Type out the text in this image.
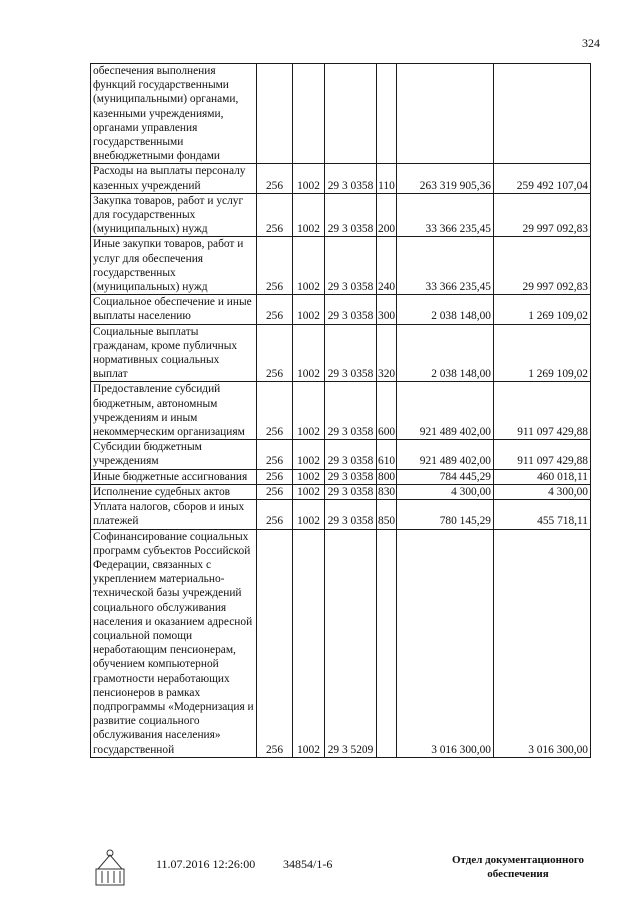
324
обеспечения выполнения функций государственными (муниципальными) органами, казенными учреждениями, органами управления государственными внебюджетными фондами						
Расходы на выплаты персоналу казенных учреждений	256	1002	29 3 0358	110	263 319 905,36	259 492 107,04
Закупка товаров, работ и услуг для государственных (муниципальных) нужд	256	1002	29 3 0358	200	33 366 235,45	29 997 092,83
Иные закупки товаров, работ и услуг для обеспечения государственных (муниципальных) нужд	256	1002	29 3 0358	240	33 366 235,45	29 997 092,83
Социальное обеспечение и иные выплаты населению	256	1002	29 3 0358	300	2 038 148,00	1 269 109,02
Социальные выплаты гражданам, кроме публичных нормативных социальных выплат	256	1002	29 3 0358	320	2 038 148,00	1 269 109,02
Предоставление субсидий бюджетным, автономным учреждениям и иным некоммерческим организациям	256	1002	29 3 0358	600	921 489 402,00	911 097 429,88
Субсидии бюджетным учреждениям	256	1002	29 3 0358	610	921 489 402,00	911 097 429,88
Иные бюджетные ассигнования	256	1002	29 3 0358	800	784 445,29	460 018,11
Исполнение судебных актов	256	1002	29 3 0358	830	4 300,00	4 300,00
Уплата налогов, сборов и иных платежей	256	1002	29 3 0358	850	780 145,29	455 718,11
Софинансирование социальных программ субъектов Российской Федерации, связанных с укреплением материально-технической базы учреждений социального обслуживания населения и оказанием адресной социальной помощи неработающим пенсионерам, обучением компьютерной грамотности неработающих пенсионеров в рамках подпрограммы «Модернизация и развитие социального обслуживания населения» государственной	256	1002	29 3 5209		3 016 300,00	3 016 300,00
11.07.2016 12:26:00 34854/1-6	Отдел документационного обеспечения
